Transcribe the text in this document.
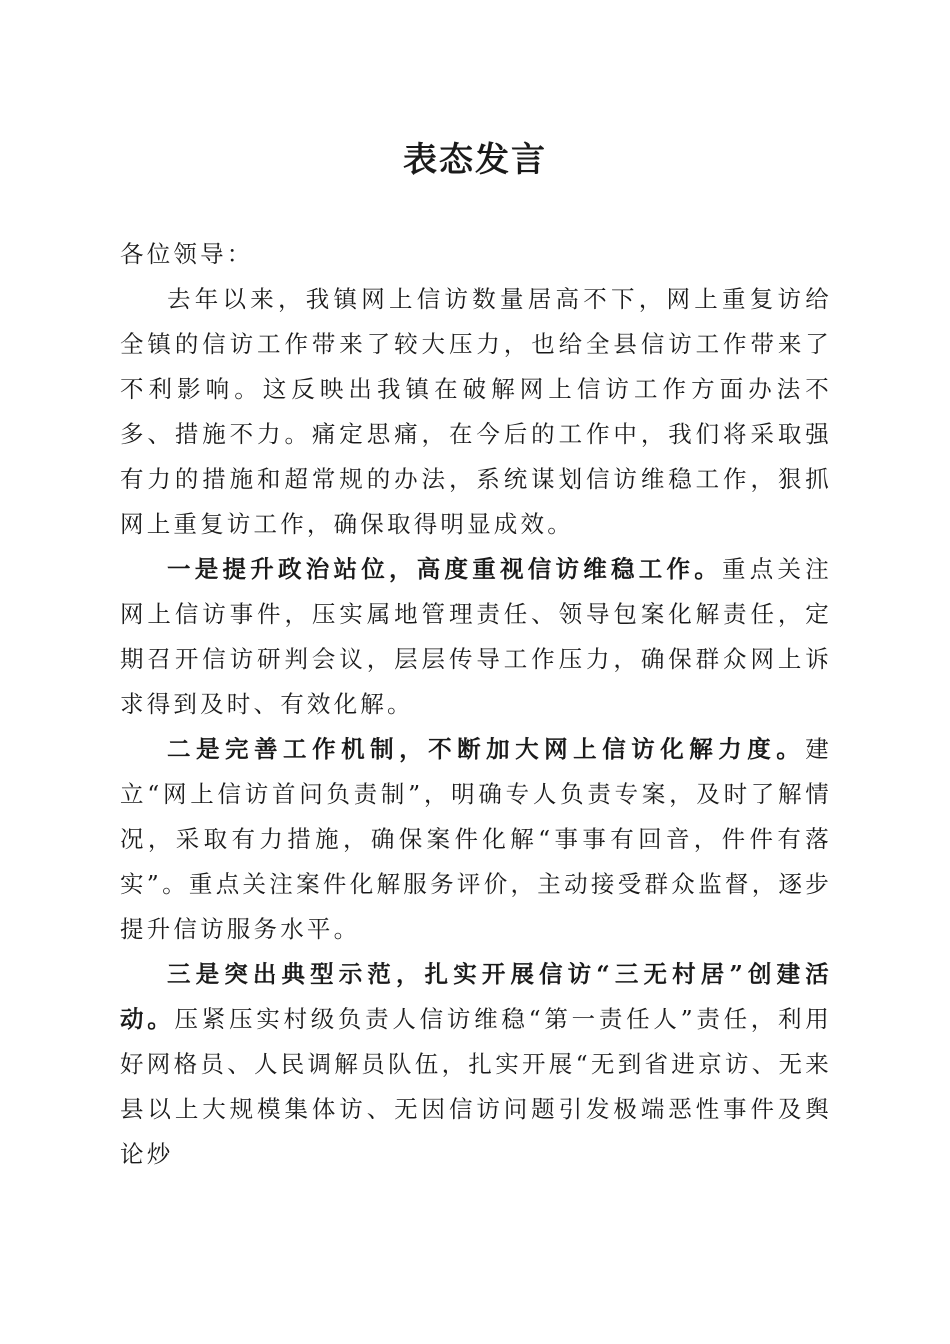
表态发言

各位领导：

去年以来，我镇网上信访数量居高不下，网上重复访给全镇的信访工作带来了较大压力，也给全县信访工作带来了不利影响。这反映出我镇在破解网上信访工作方面办法不多、措施不力。痛定思痛，在今后的工作中，我们将采取强有力的措施和超常规的办法，系统谋划信访维稳工作，狠抓网上重复访工作，确保取得明显成效。

一是提升政治站位，高度重视信访维稳工作。重点关注网上信访事件，压实属地管理责任、领导包案化解责任，定期召开信访研判会议，层层传导工作压力，确保群众网上诉求得到及时、有效化解。

二是完善工作机制，不断加大网上信访化解力度。建立“网上信访首问负责制”，明确专人负责专案，及时了解情况，采取有力措施，确保案件化解“事事有回音，件件有落实”。重点关注案件化解服务评价，主动接受群众监督，逐步提升信访服务水平。

三是突出典型示范，扎实开展信访“三无村居”创建活动。压紧压实村级负责人信访维稳“第一责任人”责任，利用好网格员、人民调解员队伍，扎实开展“无到省进京访、无来县以上大规模集体访、无因信访问题引发极端恶性事件及舆论炒
